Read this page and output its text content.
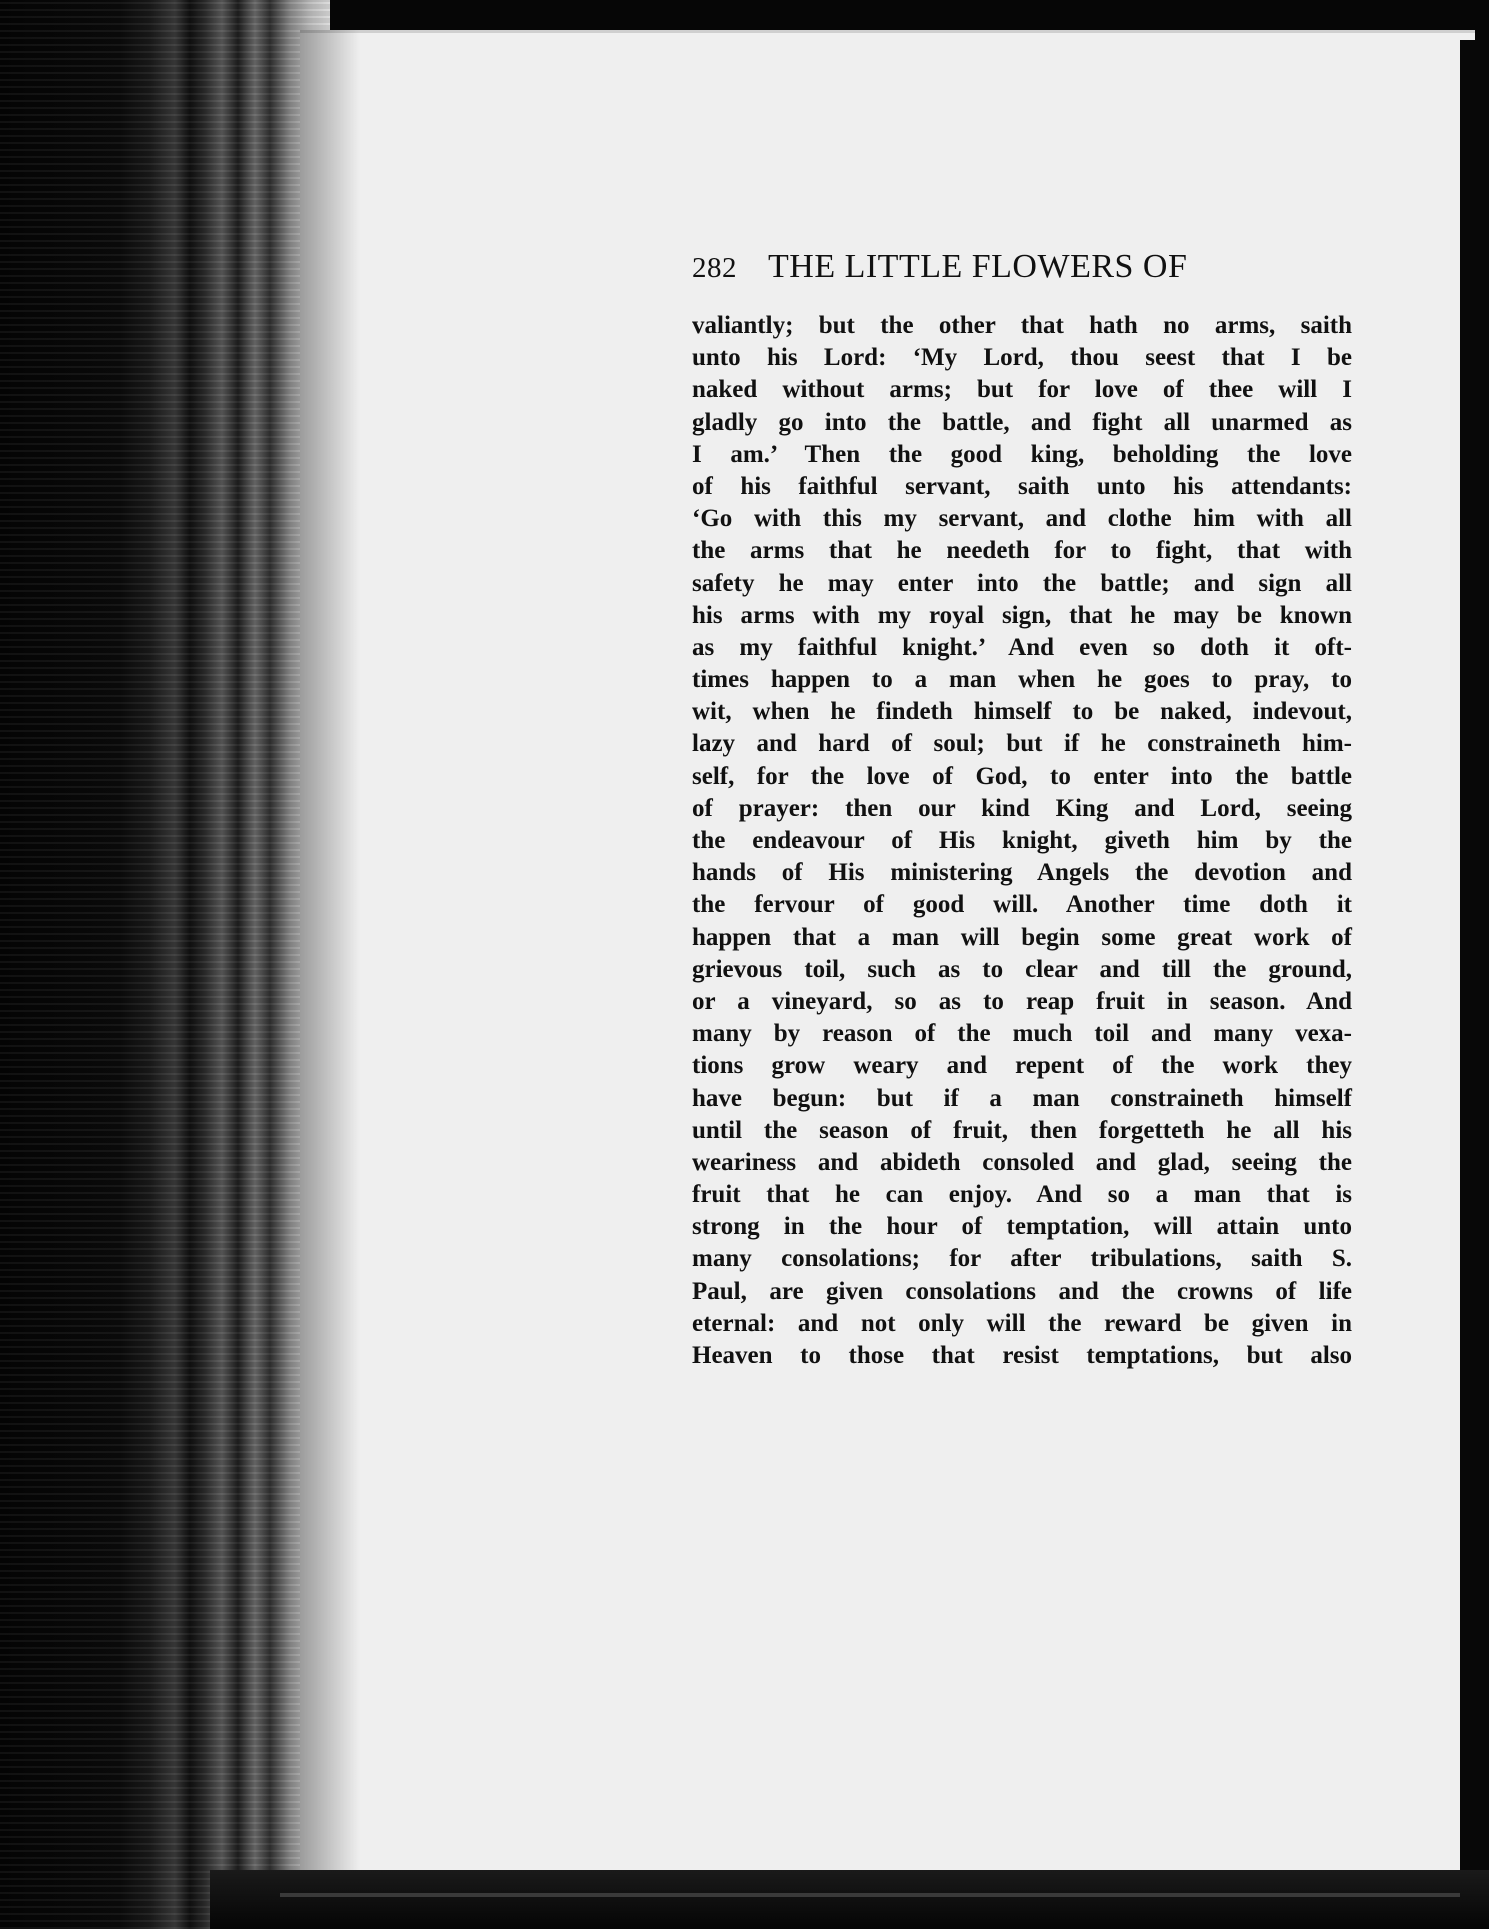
282 THE LITTLE FLOWERS OF
valiantly; but the other that hath no arms, saith
unto his Lord: ‘My Lord, thou seest that I be
naked without arms; but for love of thee will I
gladly go into the battle, and fight all unarmed as
I am.’ Then the good king, beholding the love
of his faithful servant, saith unto his attendants:
‘Go with this my servant, and clothe him with all
the arms that he needeth for to fight, that with
safety he may enter into the battle; and sign all
his arms with my royal sign, that he may be known
as my faithful knight.’ And even so doth it oft-
times happen to a man when he goes to pray, to
wit, when he findeth himself to be naked, indevout,
lazy and hard of soul; but if he constraineth him-
self, for the love of God, to enter into the battle
of prayer: then our kind King and Lord, seeing
the endeavour of His knight, giveth him by the
hands of His ministering Angels the devotion and
the fervour of good will. Another time doth it
happen that a man will begin some great work of
grievous toil, such as to clear and till the ground,
or a vineyard, so as to reap fruit in season. And
many by reason of the much toil and many vexa-
tions grow weary and repent of the work they
have begun: but if a man constraineth himself
until the season of fruit, then forgetteth he all his
weariness and abideth consoled and glad, seeing the
fruit that he can enjoy. And so a man that is
strong in the hour of temptation, will attain unto
many consolations; for after tribulations, saith S.
Paul, are given consolations and the crowns of life
eternal: and not only will the reward be given in
Heaven to those that resist temptations, but also
